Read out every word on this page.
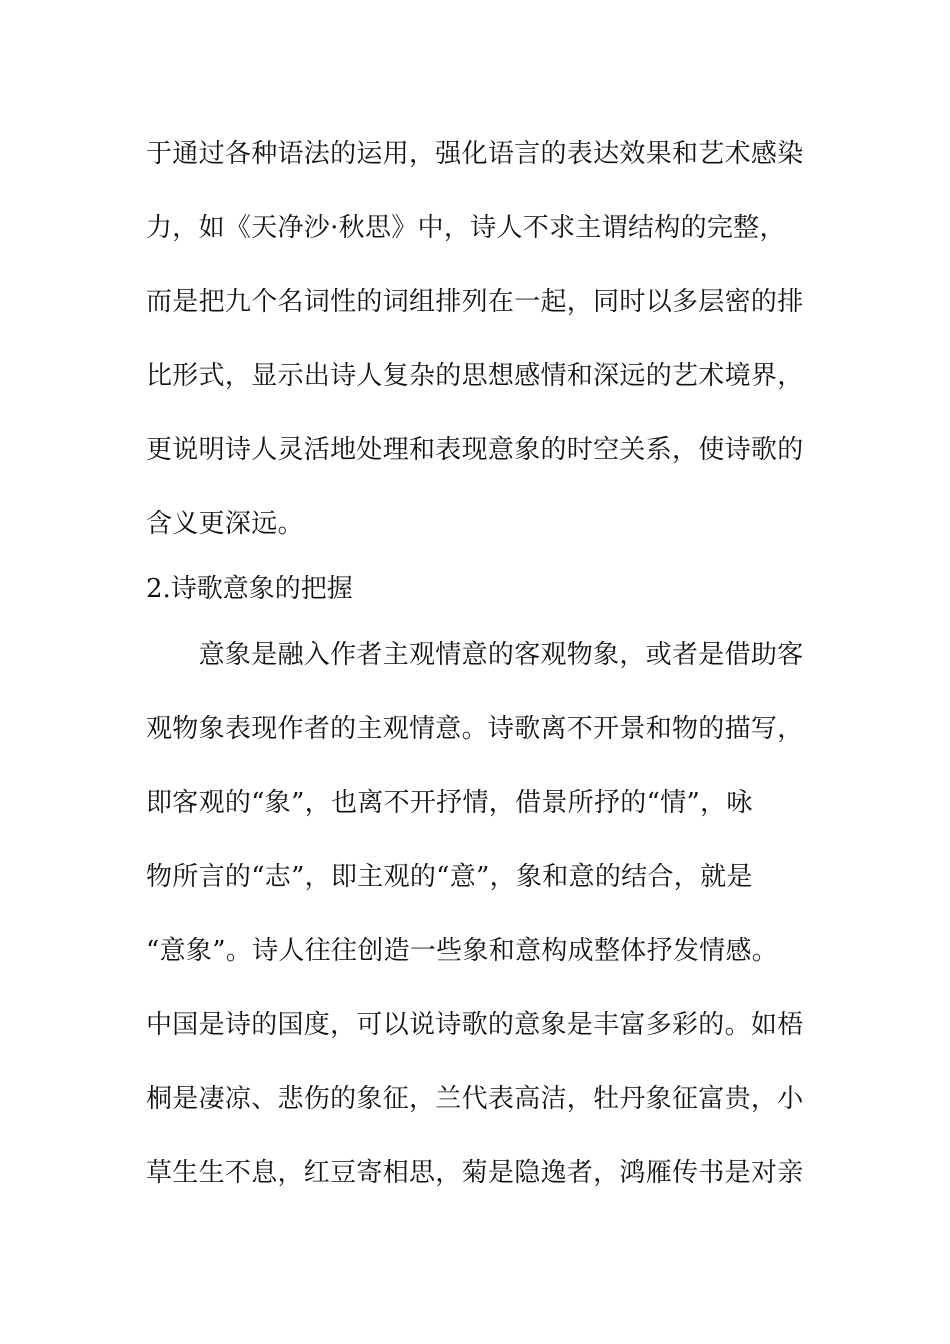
于通过各种语法的运用，强化语言的表达效果和艺术感染
力，如《天净沙·秋思》中，诗人不求主谓结构的完整，
而是把九个名词性的词组排列在一起，同时以多层密的排
比形式，显示出诗人复杂的思想感情和深远的艺术境界，
更说明诗人灵活地处理和表现意象的时空关系，使诗歌的
含义更深远。
2.诗歌意象的把握
　　意象是融入作者主观情意的客观物象，或者是借助客
观物象表现作者的主观情意。诗歌离不开景和物的描写，
即客观的“象”，也离不开抒情，借景所抒的“情”，咏
物所言的“志”，即主观的“意”，象和意的结合，就是
“意象”。诗人往往创造一些象和意构成整体抒发情感。
中国是诗的国度，可以说诗歌的意象是丰富多彩的。如梧
桐是凄凉、悲伤的象征，兰代表高洁，牡丹象征富贵，小
草生生不息，红豆寄相思，菊是隐逸者，鸿雁传书是对亲
